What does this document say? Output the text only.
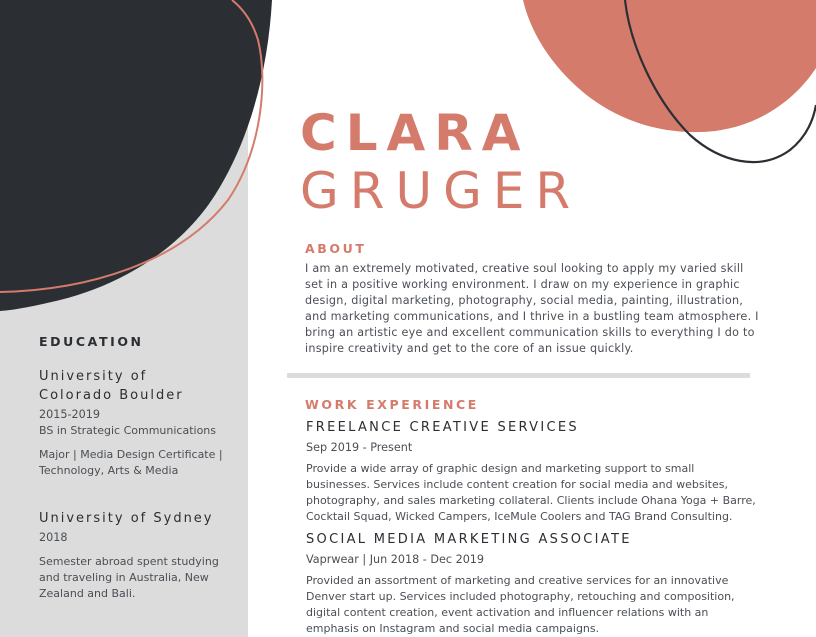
CLARA
GRUGER
ABOUT

I am an extremely motivated, creative soul looking to apply my varied skill set in a positive working environment. I draw on my experience in graphic design, digital marketing, photography, social media, painting, illustration, and marketing communications, and I thrive in a bustling team atmosphere. I bring an artistic eye and excellent communication skills to everything I do to inspire creativity and get to the core of an issue quickly.

WORK EXPERIENCE
FREELANCE CREATIVE SERVICES

Sep 2019 - Present

Provide a wide array of graphic design and marketing support to small businesses. Services include content creation for social media and websites, photography, and sales marketing collateral. Clients include Ohana Yoga + Barre, Cocktail Squad, Wicked Campers, IceMule Coolers and TAG Brand Consulting.

SOCIAL MEDIA MARKETING ASSOCIATE

Vaprwear | Jun 2018 - Dec 2019

Provided an assortment of marketing and creative services for an innovative Denver start up. Services included photography, retouching and composition, digital content creation, event activation and influencer relations with an emphasis on Instagram and social media campaigns.

EDUCATION
University of Colorado Boulder

2015-2019

BS in Strategic Communications

Major | Media Design Certificate | Technology, Arts & Media

University of Sydney

2018

Semester abroad spent studying and traveling in Australia, New Zealand and Bali.
